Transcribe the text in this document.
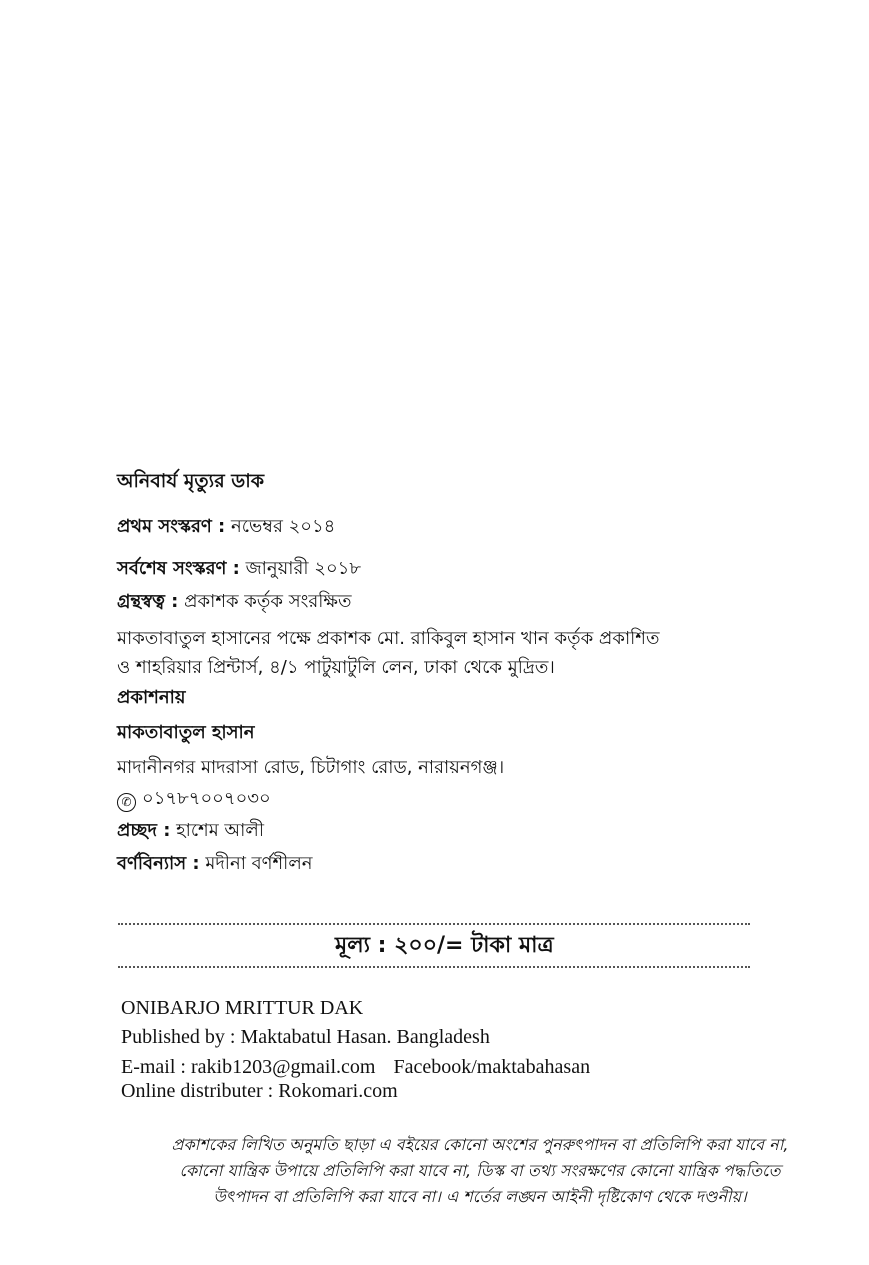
অনিবার্য মৃত্যুর ডাক
প্রথম সংস্করণ : নভেম্বর ২০১৪
সর্বশেষ সংস্করণ : জানুয়ারী ২০১৮
গ্রন্থস্বত্ব : প্রকাশক কর্তৃক সংরক্ষিত
মাকতাবাতুল হাসানের পক্ষে প্রকাশক মো. রাকিবুল হাসান খান কর্তৃক প্রকাশিত
ও শাহরিয়ার প্রিন্টার্স, ৪/১ পাটুয়াটুলি লেন, ঢাকা থেকে মুদ্রিত।
প্রকাশনায়
মাকতাবাতুল হাসান
মাদানীনগর মাদরাসা রোড, চিটাগাং রোড, নারায়নগঞ্জ।
✆ ০১৭৮৭০০৭০৩০
প্রচ্ছদ : হাশেম আলী
বর্ণবিন্যাস : মদীনা বর্ণশীলন
মূল্য : ২০০/= টাকা মাত্র
ONIBARJO MRITTUR DAK
Published by : Maktabatul Hasan. Bangladesh
E-mail : rakib1203@gmail.com Facebook/maktabahasan
Online distributer : Rokomari.com
প্রকাশকের লিখিত অনুমতি ছাড়া এ বইয়ের কোনো অংশের পুনরুৎপাদন বা প্রতিলিপি করা যাবে না,
কোনো যান্ত্রিক উপায়ে প্রতিলিপি করা যাবে না, ডিস্ক বা তথ্য সংরক্ষণের কোনো যান্ত্রিক পদ্ধতিতে
উৎপাদন বা প্রতিলিপি করা যাবে না। এ শর্তের লঙ্ঘন আইনী দৃষ্টিকোণ থেকে দণ্ডনীয়।
